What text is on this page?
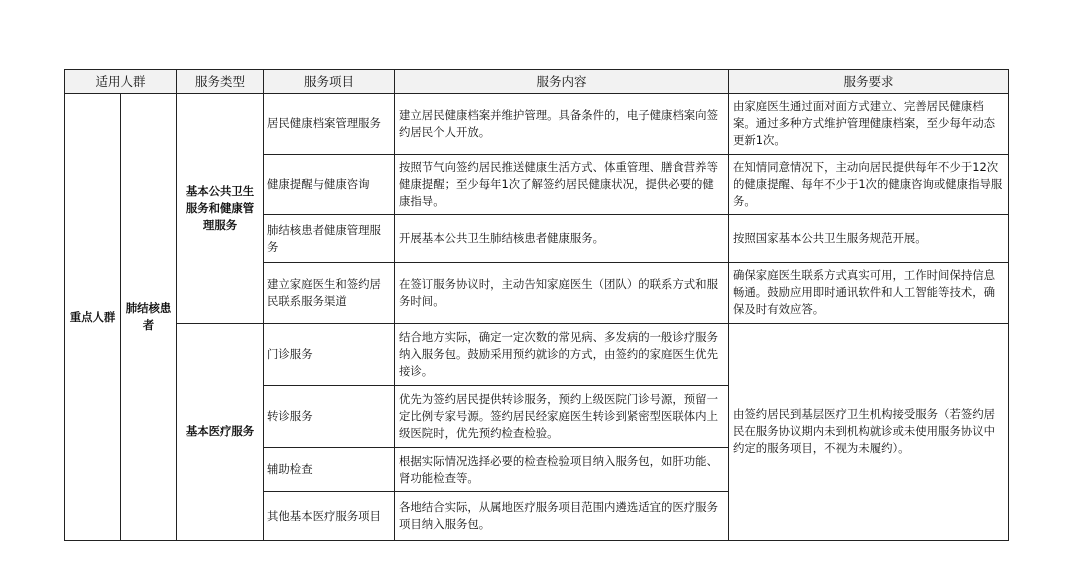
适用人群		服务类型	服务项目	服务内容	服务要求
重点人群	肺结核患者	基本公共卫生服务和健康管理服务	居民健康档案管理服务	建立居民健康档案并维护管理。具备条件的，电子健康档案向签约居民个人开放。	由家庭医生通过面对面方式建立、完善居民健康档案。通过多种方式维护管理健康档案，至少每年动态更新1次。
			健康提醒与健康咨询	按照节气向签约居民推送健康生活方式、体重管理、膳食营养等健康提醒；至少每年1次了解签约居民健康状况，提供必要的健康指导。	在知情同意情况下，主动向居民提供每年不少于12次的健康提醒、每年不少于1次的健康咨询或健康指导服务。
			肺结核患者健康管理服务	开展基本公共卫生肺结核患者健康服务。	按照国家基本公共卫生服务规范开展。
			建立家庭医生和签约居民联系服务渠道	在签订服务协议时，主动告知家庭医生（团队）的联系方式和服务时间。	确保家庭医生联系方式真实可用，工作时间保持信息畅通。鼓励应用即时通讯软件和人工智能等技术，确保及时有效应答。
		基本医疗服务	门诊服务	结合地方实际，确定一定次数的常见病、多发病的一般诊疗服务纳入服务包。鼓励采用预约就诊的方式，由签约的家庭医生优先接诊。	由签约居民到基层医疗卫生机构接受服务（若签约居民在服务协议期内未到机构就诊或未使用服务协议中约定的服务项目，不视为未履约）。
			转诊服务	优先为签约居民提供转诊服务，预约上级医院门诊号源，预留一定比例专家号源。签约居民经家庭医生转诊到紧密型医联体内上级医院时，优先预约检查检验。	
			辅助检查	根据实际情况选择必要的检查检验项目纳入服务包，如肝功能、肾功能检查等。	
			其他基本医疗服务项目	各地结合实际，从属地医疗服务项目范围内遴选适宜的医疗服务项目纳入服务包。	
